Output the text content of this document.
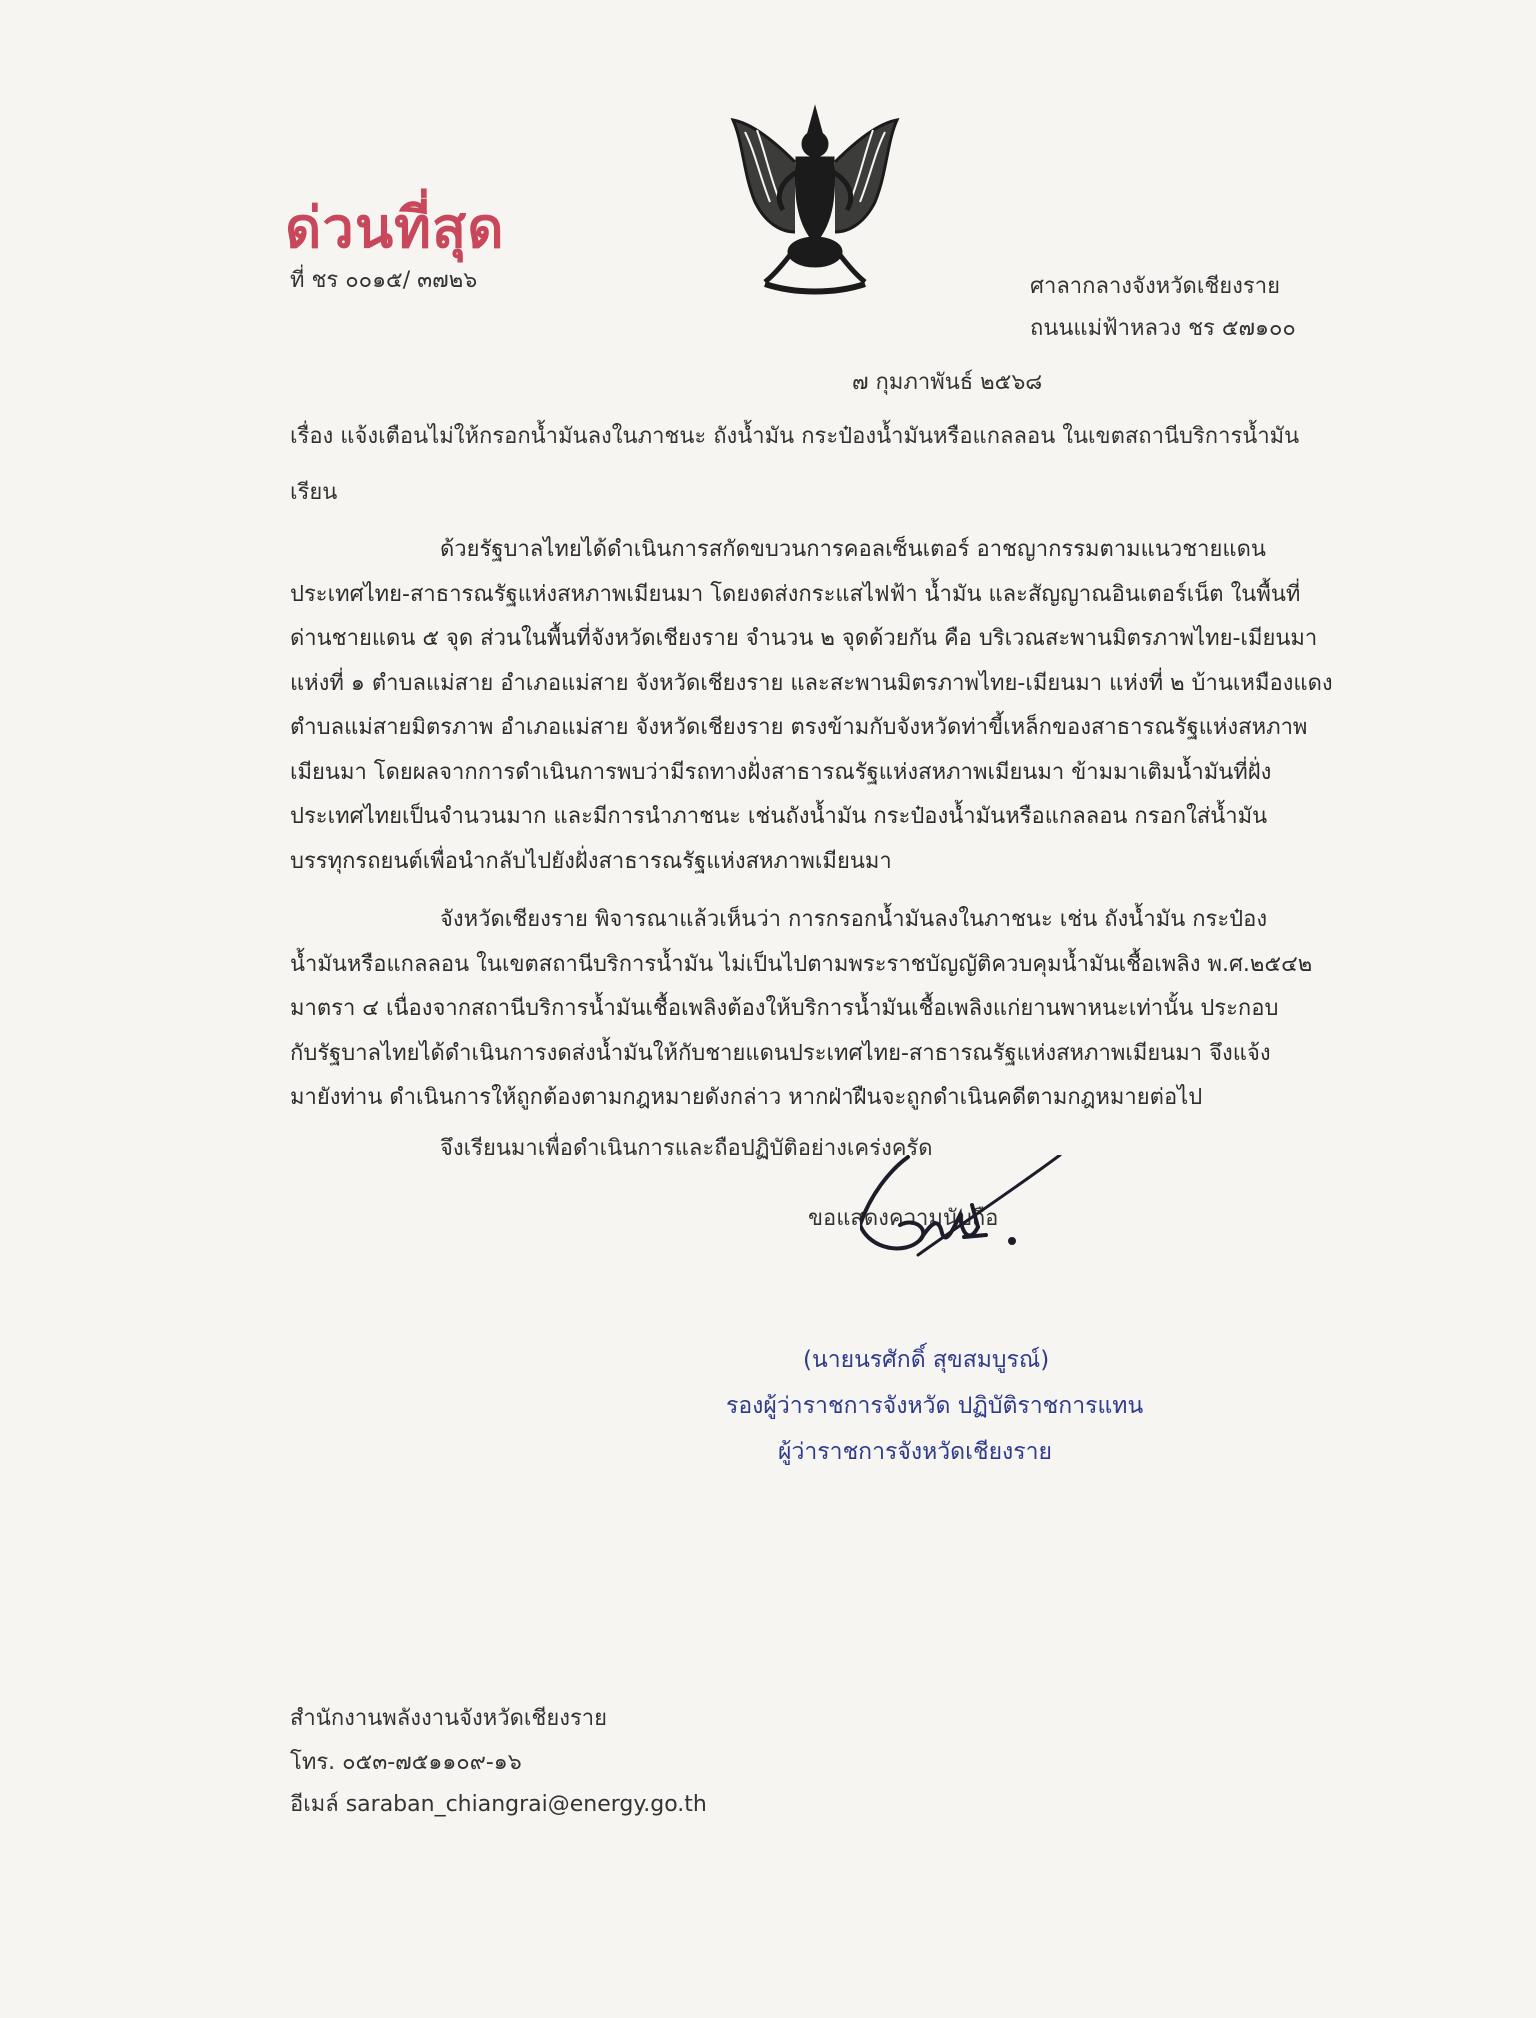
ด่วนที่สุด
ที่ ชร ๐๐๑๕/ ๓๗๒๖	ศาลากลางจังหวัดเชียงราย
ถนนแม่ฟ้าหลวง ชร ๕๗๑๐๐
๗ กุมภาพันธ์ ๒๕๖๘
เรื่อง แจ้งเตือนไม่ให้กรอกน้ำมันลงในภาชนะ ถังน้ำมัน กระป๋องน้ำมันหรือแกลลอน ในเขตสถานีบริการน้ำมัน
เรียน
ด้วยรัฐบาลไทยได้ดำเนินการสกัดขบวนการคอลเซ็นเตอร์ อาชญากรรมตามแนวชายแดน
ประเทศไทย-สาธารณรัฐแห่งสหภาพเมียนมา โดยงดส่งกระแสไฟฟ้า น้ำมัน และสัญญาณอินเตอร์เน็ต ในพื้นที่
ด่านชายแดน ๕ จุด ส่วนในพื้นที่จังหวัดเชียงราย จำนวน ๒ จุดด้วยกัน คือ บริเวณสะพานมิตรภาพไทย-เมียนมา
แห่งที่ ๑ ตำบลแม่สาย อำเภอแม่สาย จังหวัดเชียงราย และสะพานมิตรภาพไทย-เมียนมา แห่งที่ ๒ บ้านเหมืองแดง
ตำบลแม่สายมิตรภาพ อำเภอแม่สาย จังหวัดเชียงราย ตรงข้ามกับจังหวัดท่าขี้เหล็กของสาธารณรัฐแห่งสหภาพ
เมียนมา โดยผลจากการดำเนินการพบว่ามีรถทางฝั่งสาธารณรัฐแห่งสหภาพเมียนมา ข้ามมาเติมน้ำมันที่ฝั่ง
ประเทศไทยเป็นจำนวนมาก และมีการนำภาชนะ เช่นถังน้ำมัน กระป๋องน้ำมันหรือแกลลอน กรอกใส่น้ำมัน
บรรทุกรถยนต์เพื่อนำกลับไปยังฝั่งสาธารณรัฐแห่งสหภาพเมียนมา
จังหวัดเชียงราย พิจารณาแล้วเห็นว่า การกรอกน้ำมันลงในภาชนะ เช่น ถังน้ำมัน กระป๋อง
น้ำมันหรือแกลลอน ในเขตสถานีบริการน้ำมัน ไม่เป็นไปตามพระราชบัญญัติควบคุมน้ำมันเชื้อเพลิง พ.ศ.๒๕๔๒
มาตรา ๔ เนื่องจากสถานีบริการน้ำมันเชื้อเพลิงต้องให้บริการน้ำมันเชื้อเพลิงแก่ยานพาหนะเท่านั้น ประกอบ
กับรัฐบาลไทยได้ดำเนินการงดส่งน้ำมันให้กับชายแดนประเทศไทย-สาธารณรัฐแห่งสหภาพเมียนมา จึงแจ้ง
มายังท่าน ดำเนินการให้ถูกต้องตามกฎหมายดังกล่าว หากฝ่าฝืนจะถูกดำเนินคดีตามกฎหมายต่อไป
จึงเรียนมาเพื่อดำเนินการและถือปฏิบัติอย่างเคร่งครัด
ขอแสดงความนับถือ
(นายนรศักดิ์ สุขสมบูรณ์)
รองผู้ว่าราชการจังหวัด ปฏิบัติราชการแทน
ผู้ว่าราชการจังหวัดเชียงราย
สำนักงานพลังงานจังหวัดเชียงราย
โทร. ๐๕๓-๗๕๑๑๐๙-๑๖
อีเมล์ saraban_chiangrai@energy.go.th
